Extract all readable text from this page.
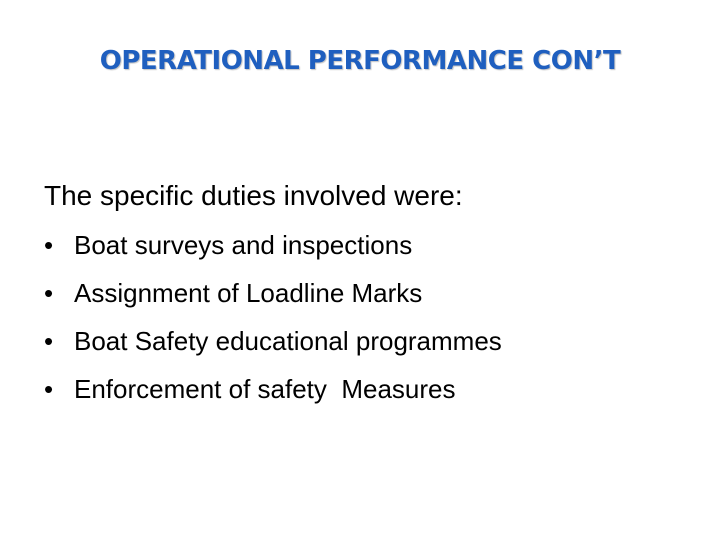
OPERATIONAL PERFORMANCE CON’T
The specific duties involved were:
• Boat surveys and inspections
• Assignment of Loadline Marks
• Boat Safety educational programmes
• Enforcement of safety  Measures
